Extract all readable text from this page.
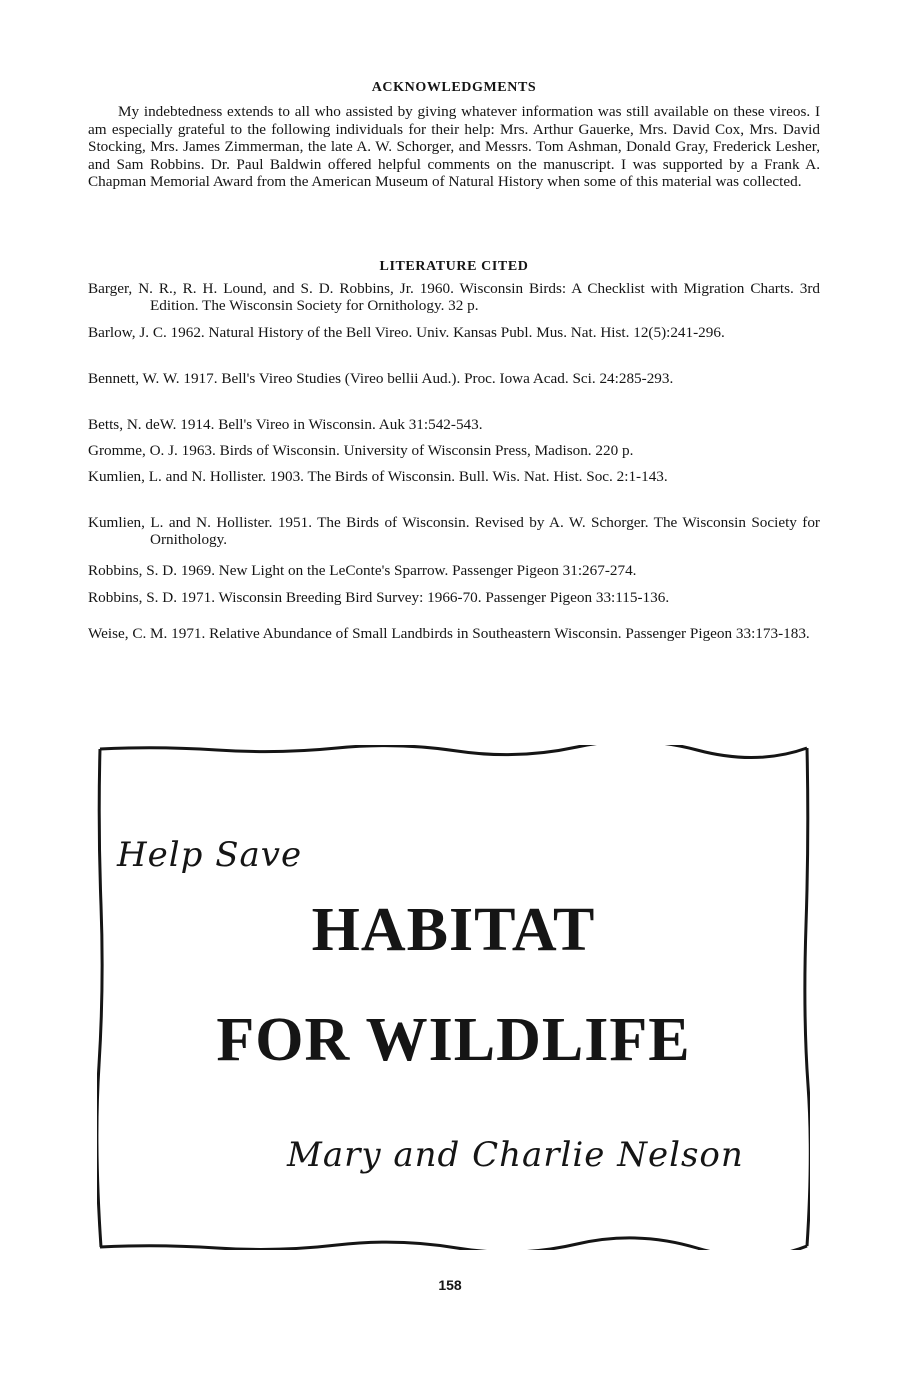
ACKNOWLEDGMENTS

My indebtedness extends to all who assisted by giving whatever information was still available on these vireos. I am especially grateful to the following individuals for their help: Mrs. Arthur Gauerke, Mrs. David Cox, Mrs. David Stocking, Mrs. James Zimmerman, the late A. W. Schorger, and Messrs. Tom Ashman, Donald Gray, Frederick Lesher, and Sam Robbins. Dr. Paul Baldwin offered helpful comments on the manuscript. I was supported by a Frank A. Chapman Memorial Award from the American Museum of Natural History when some of this material was collected.

LITERATURE CITED
Barger, N. R., R. H. Lound, and S. D. Robbins, Jr. 1960. Wisconsin Birds: A Checklist with Migration Charts. 3rd Edition. The Wisconsin Society for Ornithology. 32 p.
Barlow, J. C. 1962. Natural History of the Bell Vireo. Univ. Kansas Publ. Mus. Nat. Hist. 12(5):241-296.
Bennett, W. W. 1917. Bell's Vireo Studies (Vireo bellii Aud.). Proc. Iowa Acad. Sci. 24:285-293.
Betts, N. deW. 1914. Bell's Vireo in Wisconsin. Auk 31:542-543.
Gromme, O. J. 1963. Birds of Wisconsin. University of Wisconsin Press, Madison. 220 p.
Kumlien, L. and N. Hollister. 1903. The Birds of Wisconsin. Bull. Wis. Nat. Hist. Soc. 2:1-143.
Kumlien, L. and N. Hollister. 1951. The Birds of Wisconsin. Revised by A. W. Schorger. The Wisconsin Society for Ornithology.
Robbins, S. D. 1969. New Light on the LeConte's Sparrow. Passenger Pigeon 31:267-274.
Robbins, S. D. 1971. Wisconsin Breeding Bird Survey: 1966-70. Passenger Pigeon 33:115-136.
Weise, C. M. 1971. Relative Abundance of Small Landbirds in Southeastern Wisconsin. Passenger Pigeon 33:173-183.
Help Save
HABITAT
FOR WILDLIFE
Mary and Charlie Nelson
158
